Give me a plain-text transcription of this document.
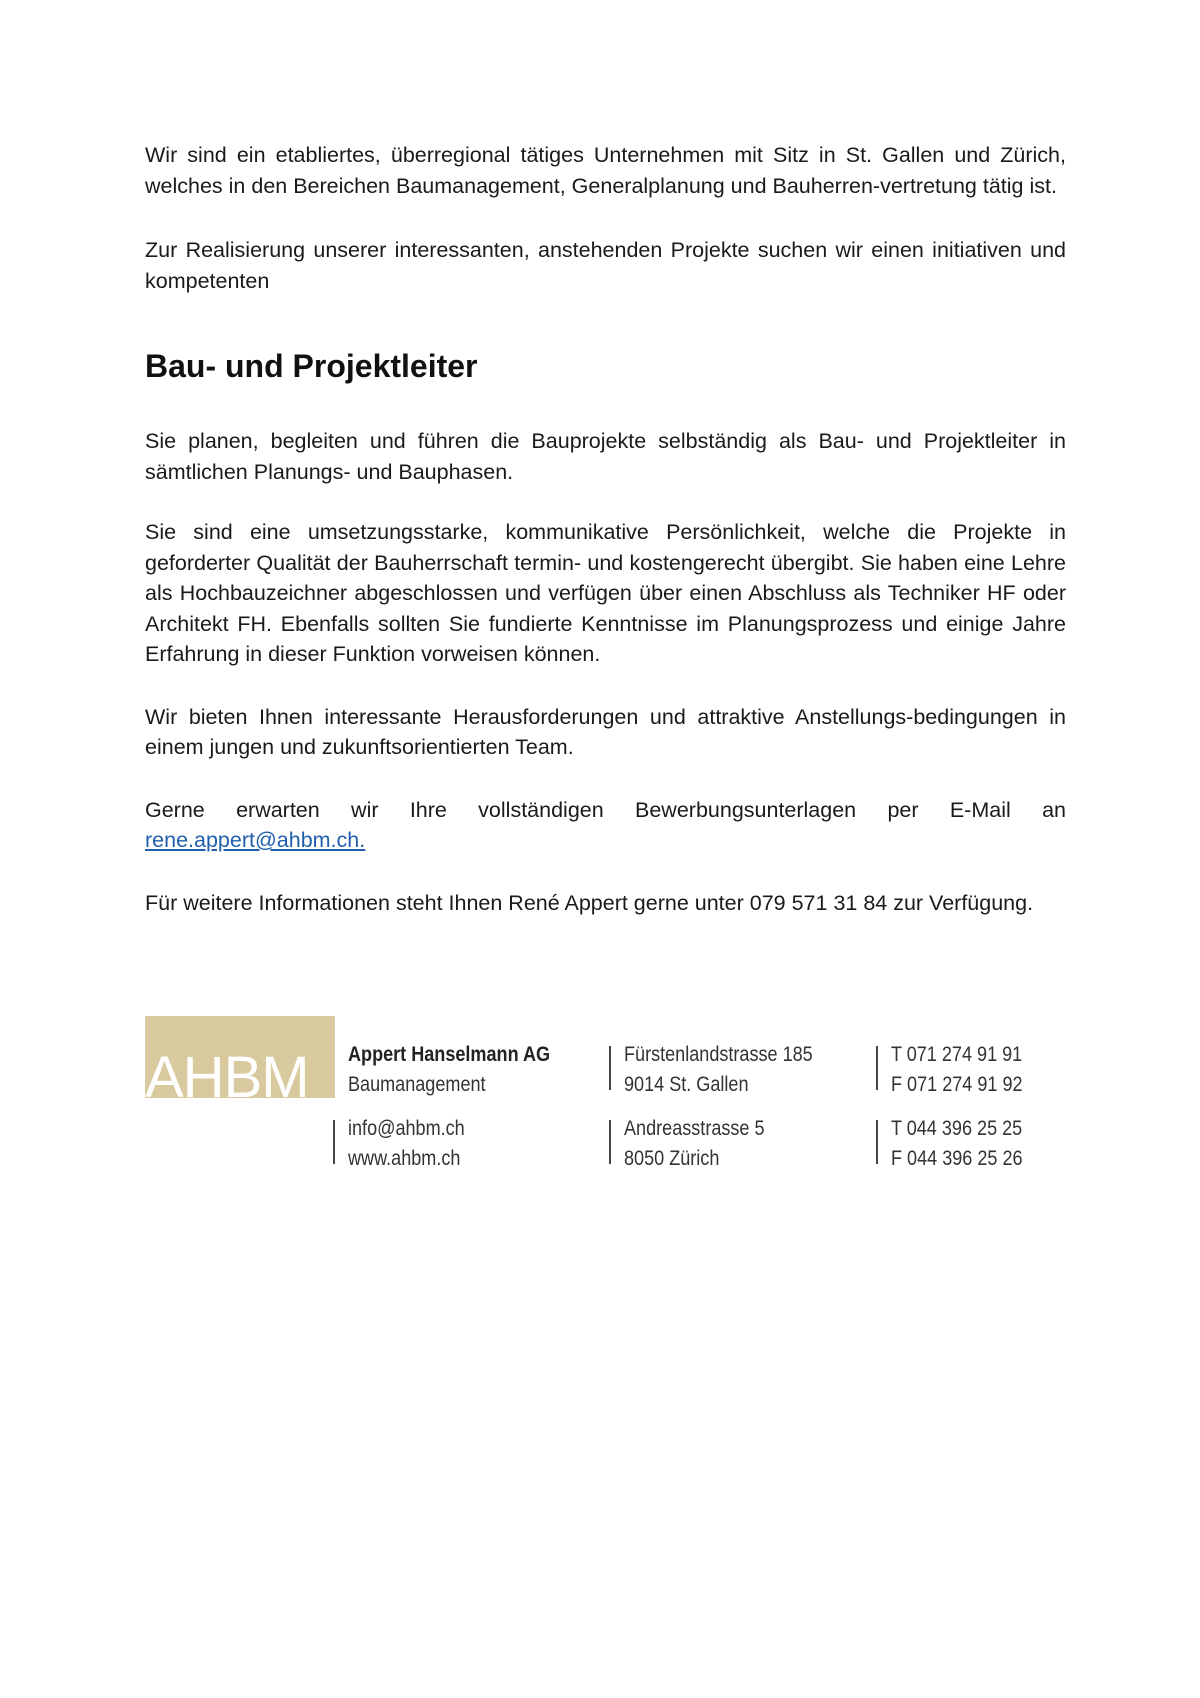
Wir sind ein etabliertes, überregional tätiges Unternehmen mit Sitz in St. Gallen und Zürich, welches in den Bereichen Baumanagement, Generalplanung und Bauherren-vertretung tätig ist.

Zur Realisierung unserer interessanten, anstehenden Projekte suchen wir einen initiativen und kompetenten

Bau- und Projektleiter

Sie planen, begleiten und führen die Bauprojekte selbständig als Bau- und Projektleiter in sämtlichen Planungs- und Bauphasen.

Sie sind eine umsetzungsstarke, kommunikative Persönlichkeit, welche die Projekte in geforderter Qualität der Bauherrschaft termin- und kostengerecht übergibt. Sie haben eine Lehre als Hochbauzeichner abgeschlossen und verfügen über einen Abschluss als Techniker HF oder Architekt FH. Ebenfalls sollten Sie fundierte Kenntnisse im Planungsprozess und einige Jahre Erfahrung in dieser Funktion vorweisen können.

Wir bieten Ihnen interessante Herausforderungen und attraktive Anstellungs-bedingungen in einem jungen und zukunftsorientierten Team.

Gerne erwarten wir Ihre vollständigen Bewerbungsunterlagen per E-Mail an
rene.appert@ahbm.ch.

Für weitere Informationen steht Ihnen René Appert gerne unter 079 571 31 84 zur Verfügung.

AHBM Appert Hanselmann AG
Baumanagement
Fürstenlandstrasse 185
9014 St. Gallen
T 071 274 91 91
F 071 274 91 92
info@ahbm.ch
www.ahbm.ch
Andreasstrasse 5
8050 Zürich
T 044 396 25 25
F 044 396 25 26
